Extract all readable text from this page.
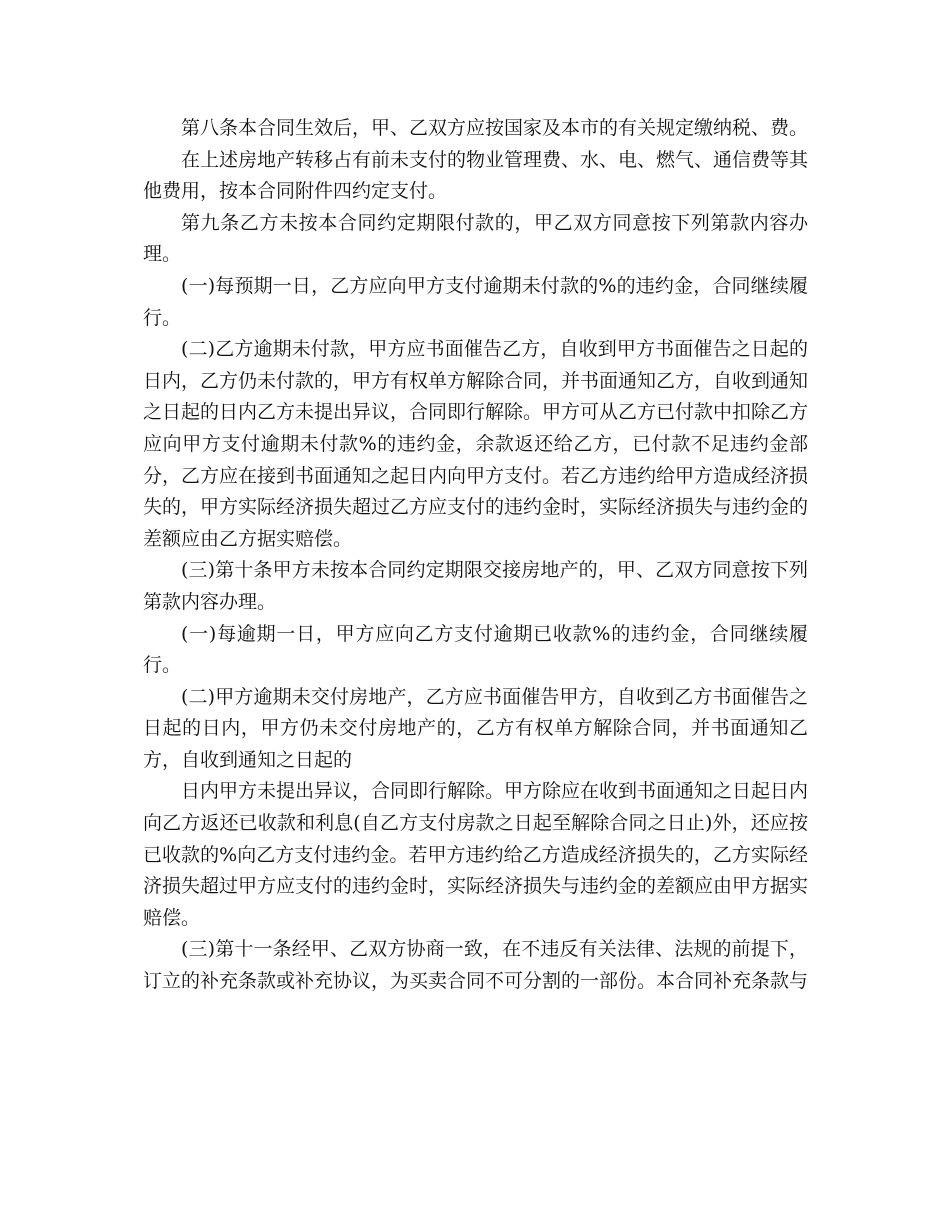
第八条本合同生效后，甲、乙双方应按国家及本市的有关规定缴纳税、费。

在上述房地产转移占有前未支付的物业管理费、水、电、燃气、通信费等其他费用，按本合同附件四约定支付。

第九条乙方未按本合同约定期限付款的，甲乙双方同意按下列第款内容办理。

(一)每预期一日，乙方应向甲方支付逾期未付款的%的违约金，合同继续履行。

(二)乙方逾期未付款，甲方应书面催告乙方，自收到甲方书面催告之日起的日内，乙方仍未付款的，甲方有权单方解除合同，并书面通知乙方，自收到通知之日起的日内乙方未提出异议，合同即行解除。甲方可从乙方已付款中扣除乙方应向甲方支付逾期未付款%的违约金，余款返还给乙方，已付款不足违约金部分，乙方应在接到书面通知之起日内向甲方支付。若乙方违约给甲方造成经济损失的，甲方实际经济损失超过乙方应支付的违约金时，实际经济损失与违约金的差额应由乙方据实赔偿。

(三)第十条甲方未按本合同约定期限交接房地产的，甲、乙双方同意按下列第款内容办理。

(一)每逾期一日，甲方应向乙方支付逾期已收款%的违约金，合同继续履行。

(二)甲方逾期未交付房地产，乙方应书面催告甲方，自收到乙方书面催告之日起的日内，甲方仍未交付房地产的，乙方有权单方解除合同，并书面通知乙方，自收到通知之日起的

日内甲方未提出异议，合同即行解除。甲方除应在收到书面通知之日起日内向乙方返还已收款和利息(自乙方支付房款之日起至解除合同之日止)外，还应按已收款的%向乙方支付违约金。若甲方违约给乙方造成经济损失的，乙方实际经济损失超过甲方应支付的违约金时，实际经济损失与违约金的差额应由甲方据实赔偿。

(三)第十一条经甲、乙双方协商一致，在不违反有关法律、法规的前提下，订立的补充条款或补充协议，为买卖合同不可分割的一部份。本合同补充条款与
